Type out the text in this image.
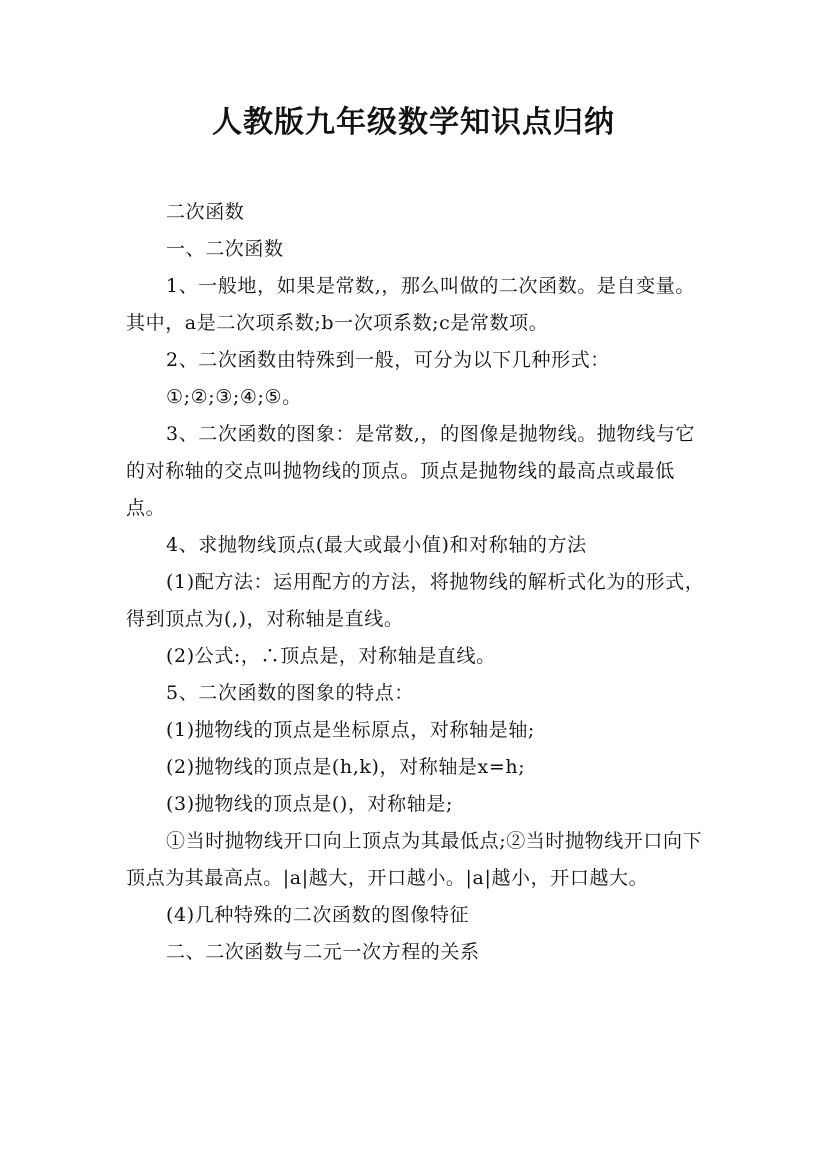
人教版九年级数学知识点归纳

二次函数

一、二次函数

1、一般地，如果是常数,，那么叫做的二次函数。是自变量。其中，a是二次项系数;b一次项系数;c是常数项。

2、二次函数由特殊到一般，可分为以下几种形式：

①;②;③;④;⑤。

3、二次函数的图象：是常数,，的图像是抛物线。抛物线与它的对称轴的交点叫抛物线的顶点。顶点是抛物线的最高点或最低点。

4、求抛物线顶点(最大或最小值)和对称轴的方法

(1)配方法：运用配方的方法，将抛物线的解析式化为的形式，得到顶点为(,)，对称轴是直线。

(2)公式:，∴顶点是，对称轴是直线。

5、二次函数的图象的特点：

(1)抛物线的顶点是坐标原点，对称轴是轴;

(2)抛物线的顶点是(h,k)，对称轴是x=h;

(3)抛物线的顶点是()，对称轴是;

①当时抛物线开口向上顶点为其最低点;②当时抛物线开口向下顶点为其最高点。|a|越大，开口越小。|a|越小，开口越大。

(4)几种特殊的二次函数的图像特征

二、二次函数与二元一次方程的关系
